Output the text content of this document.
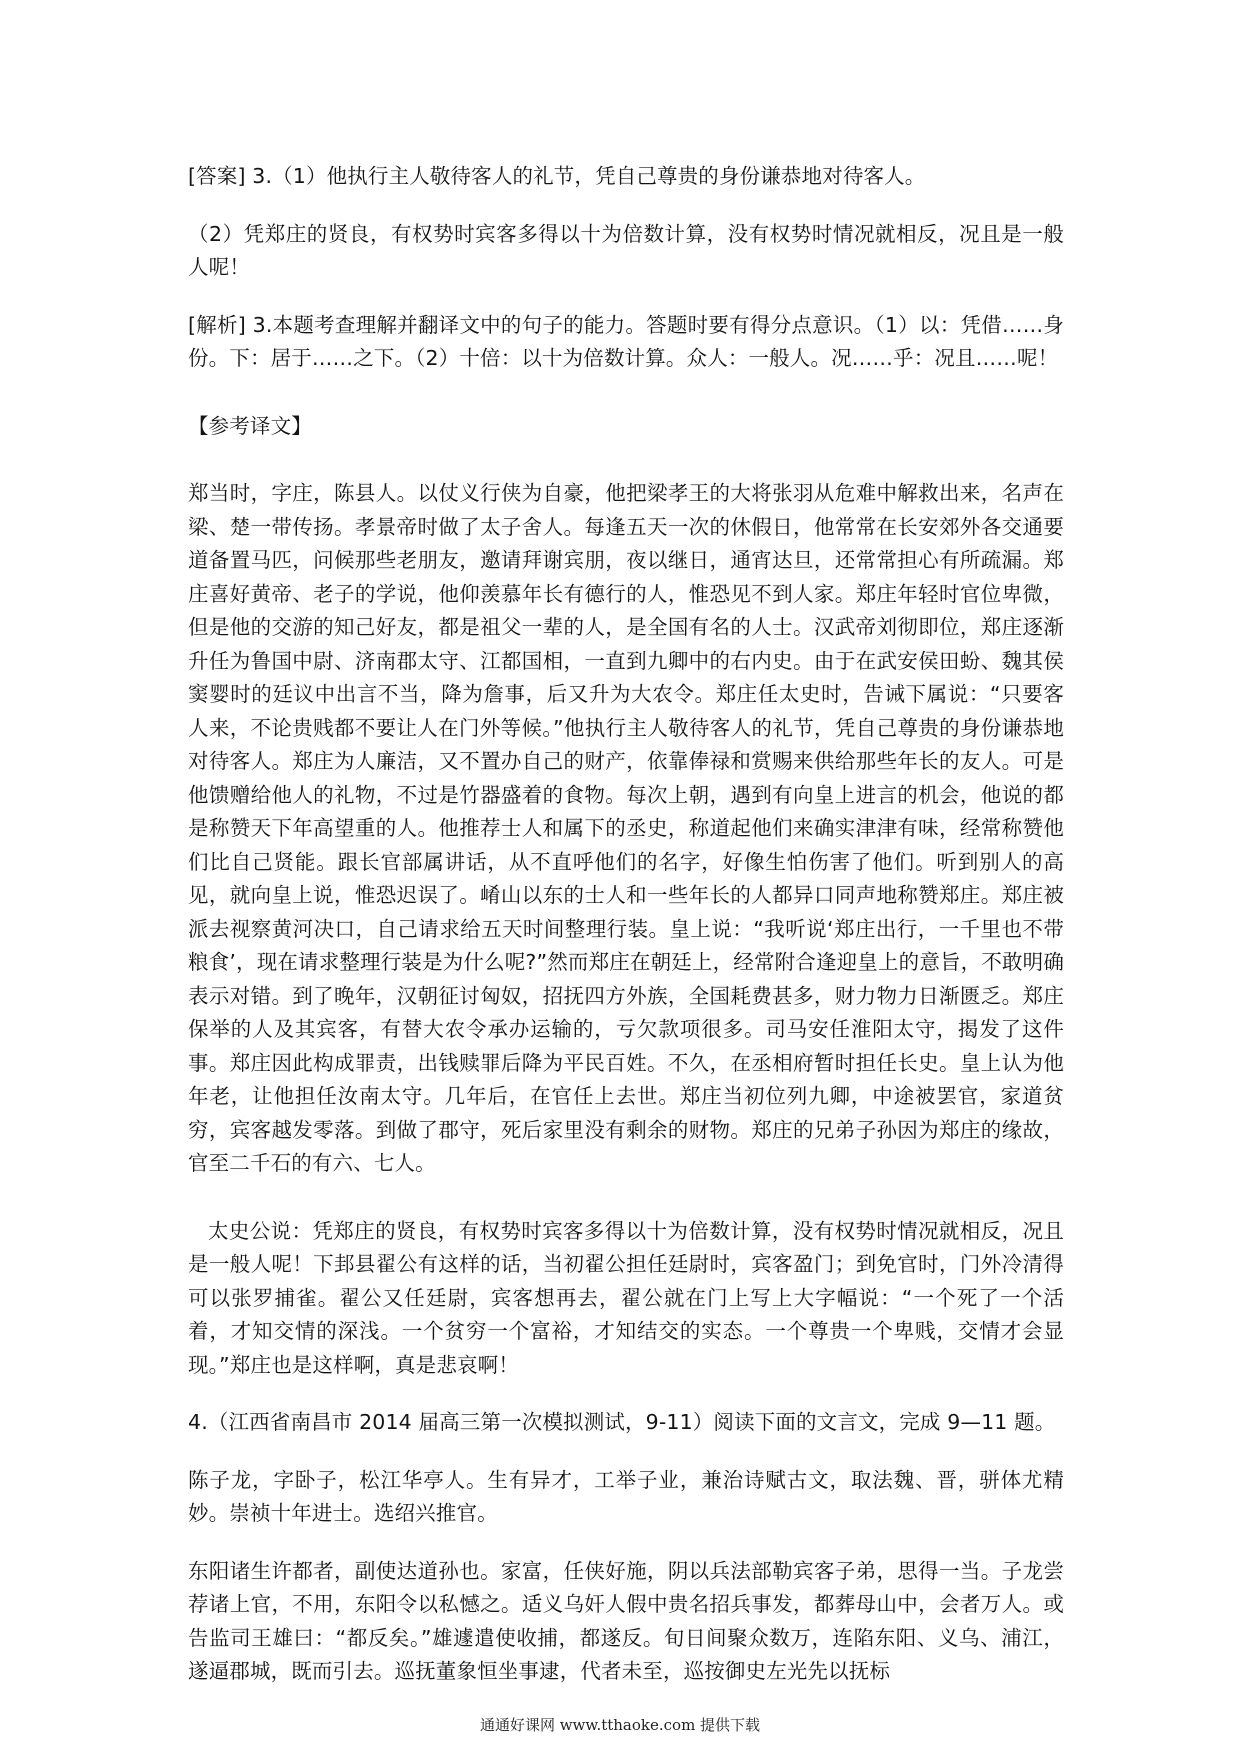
[答案] 3.（1）他执行主人敬待客人的礼节，凭自己尊贵的身份谦恭地对待客人。

（2）凭郑庄的贤良，有权势时宾客多得以十为倍数计算，没有权势时情况就相反，况且是一般人呢！

[解析] 3.本题考查理解并翻译文中的句子的能力。答题时要有得分点意识。（1）以：凭借……身份。下：居于……之下。（2）十倍：以十为倍数计算。众人：一般人。况……乎：况且……呢！

【参考译文】

郑当时，字庄，陈县人。以仗义行侠为自豪，他把梁孝王的大将张羽从危难中解救出来，名声在梁、楚一带传扬。孝景帝时做了太子舍人。每逢五天一次的休假日，他常常在长安郊外各交通要道备置马匹，问候那些老朋友，邀请拜谢宾朋，夜以继日，通宵达旦，还常常担心有所疏漏。郑庄喜好黄帝、老子的学说，他仰羡慕年长有德行的人，惟恐见不到人家。郑庄年轻时官位卑微，但是他的交游的知己好友，都是祖父一辈的人，是全国有名的人士。汉武帝刘彻即位，郑庄逐渐升任为鲁国中尉、济南郡太守、江都国相，一直到九卿中的右内史。由于在武安侯田蚡、魏其侯窦婴时的廷议中出言不当，降为詹事，后又升为大农令。郑庄任太史时，告诫下属说：“只要客人来，不论贵贱都不要让人在门外等候。”他执行主人敬待客人的礼节，凭自己尊贵的身份谦恭地对待客人。郑庄为人廉洁，又不置办自己的财产，依靠俸禄和赏赐来供给那些年长的友人。可是他馈赠给他人的礼物，不过是竹器盛着的食物。每次上朝，遇到有向皇上进言的机会，他说的都是称赞天下年高望重的人。他推荐士人和属下的丞史，称道起他们来确实津津有味，经常称赞他们比自己贤能。跟长官部属讲话，从不直呼他们的名字，好像生怕伤害了他们。听到别人的高见，就向皇上说，惟恐迟误了。崤山以东的士人和一些年长的人都异口同声地称赞郑庄。郑庄被派去视察黄河决口，自己请求给五天时间整理行装。皇上说：“我听说‘郑庄出行，一千里也不带粮食’，现在请求整理行装是为什么呢?”然而郑庄在朝廷上，经常附合逢迎皇上的意旨，不敢明确表示对错。到了晚年，汉朝征讨匈奴，招抚四方外族，全国耗费甚多，财力物力日渐匮乏。郑庄保举的人及其宾客，有替大农令承办运输的，亏欠款项很多。司马安任淮阳太守，揭发了这件事。郑庄因此构成罪责，出钱赎罪后降为平民百姓。不久，在丞相府暂时担任长史。皇上认为他年老，让他担任汝南太守。几年后，在官任上去世。郑庄当初位列九卿，中途被罢官，家道贫穷，宾客越发零落。到做了郡守，死后家里没有剩余的财物。郑庄的兄弟子孙因为郑庄的缘故，官至二千石的有六、七人。

太史公说：凭郑庄的贤良，有权势时宾客多得以十为倍数计算，没有权势时情况就相反，况且是一般人呢！下邽县翟公有这样的话，当初翟公担任廷尉时，宾客盈门；到免官时，门外冷清得可以张罗捕雀。翟公又任廷尉，宾客想再去，翟公就在门上写上大字幅说：“一个死了一个活着，才知交情的深浅。一个贫穷一个富裕，才知结交的实态。一个尊贵一个卑贱，交情才会显现。”郑庄也是这样啊，真是悲哀啊！

4.（江西省南昌市 2014 届高三第一次模拟测试，9-11）阅读下面的文言文，完成 9—11 题。

陈子龙，字卧子，松江华亭人。生有异才，工举子业，兼治诗赋古文，取法魏、晋，骈体尤精妙。崇祯十年进士。选绍兴推官。

东阳诸生许都者，副使达道孙也。家富，任侠好施，阴以兵法部勒宾客子弟，思得一当。子龙尝荐诸上官，不用，东阳令以私憾之。适义乌奸人假中贵名招兵事发，都葬母山中，会者万人。或告监司王雄曰：“都反矣。”雄遽遣使收捕，都遂反。旬日间聚众数万，连陷东阳、义乌、浦江，遂逼郡城，既而引去。巡抚董象恒坐事逮，代者未至，巡按御史左光先以抚标

通通好课网 www.tthaoke.com 提供下载
